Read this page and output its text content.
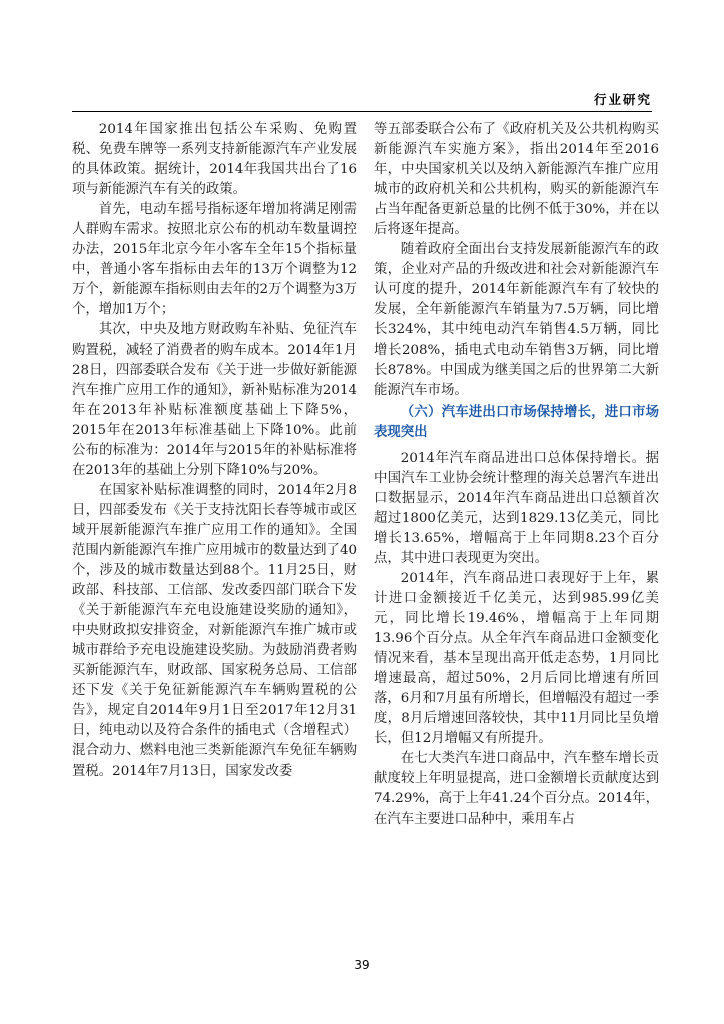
行业研究

2014年国家推出包括公车采购、免购置税、免费车牌等一系列支持新能源汽车产业发展的具体政策。据统计，2014年我国共出台了16项与新能源汽车有关的政策。

首先，电动车摇号指标逐年增加将满足刚需人群购车需求。按照北京公布的机动车数量调控办法，2015年北京今年小客车全年15个指标量中，普通小客车指标由去年的13万个调整为12万个，新能源车指标则由去年的2万个调整为3万个，增加1万个；

其次，中央及地方财政购车补贴、免征汽车购置税，减轻了消费者的购车成本。2014年1月28日，四部委联合发布《关于进一步做好新能源汽车推广应用工作的通知》，新补贴标准为2014年在2013年补贴标准额度基础上下降5%，2015年在2013年标准基础上下降10%。此前公布的标准为：2014年与2015年的补贴标准将在2013年的基础上分别下降10%与20%。

在国家补贴标准调整的同时，2014年2月8日，四部委发布《关于支持沈阳长春等城市或区域开展新能源汽车推广应用工作的通知》。全国范围内新能源汽车推广应用城市的数量达到了40个，涉及的城市数量达到88个。11月25日，财政部、科技部、工信部、发改委四部门联合下发《关于新能源汽车充电设施建设奖励的通知》，中央财政拟安排资金，对新能源汽车推广城市或城市群给予充电设施建设奖励。为鼓励消费者购买新能源汽车，财政部、国家税务总局、工信部还下发《关于免征新能源汽车车辆购置税的公告》，规定自2014年9月1日至2017年12月31日，纯电动以及符合条件的插电式（含增程式）混合动力、燃料电池三类新能源汽车免征车辆购置税。2014年7月13日，国家发改委

等五部委联合公布了《政府机关及公共机构购买新能源汽车实施方案》，指出2014年至2016年，中央国家机关以及纳入新能源汽车推广应用城市的政府机关和公共机构，购买的新能源汽车占当年配备更新总量的比例不低于30%，并在以后将逐年提高。

随着政府全面出台支持发展新能源汽车的政策，企业对产品的升级改进和社会对新能源汽车认可度的提升，2014年新能源汽车有了较快的发展，全年新能源汽车销量为7.5万辆，同比增长324%，其中纯电动汽车销售4.5万辆，同比增长208%，插电式电动车销售3万辆，同比增长878%。中国成为继美国之后的世界第二大新能源汽车市场。

（六）汽车进出口市场保持增长，进口市场表现突出

2014年汽车商品进出口总体保持增长。据中国汽车工业协会统计整理的海关总署汽车进出口数据显示，2014年汽车商品进出口总额首次超过1800亿美元，达到1829.13亿美元，同比增长13.65%，增幅高于上年同期8.23个百分点，其中进口表现更为突出。

2014年，汽车商品进口表现好于上年，累计进口金额接近千亿美元，达到985.99亿美元，同比增长19.46%，增幅高于上年同期13.96个百分点。从全年汽车商品进口金额变化情况来看，基本呈现出高开低走态势，1月同比增速最高，超过50%，2月后同比增速有所回落，6月和7月虽有所增长，但增幅没有超过一季度，8月后增速回落较快，其中11月同比呈负增长，但12月增幅又有所提升。

在七大类汽车进口商品中，汽车整车增长贡献度较上年明显提高，进口金额增长贡献度达到74.29%，高于上年41.24个百分点。2014年，在汽车主要进口品种中，乘用车占

39
